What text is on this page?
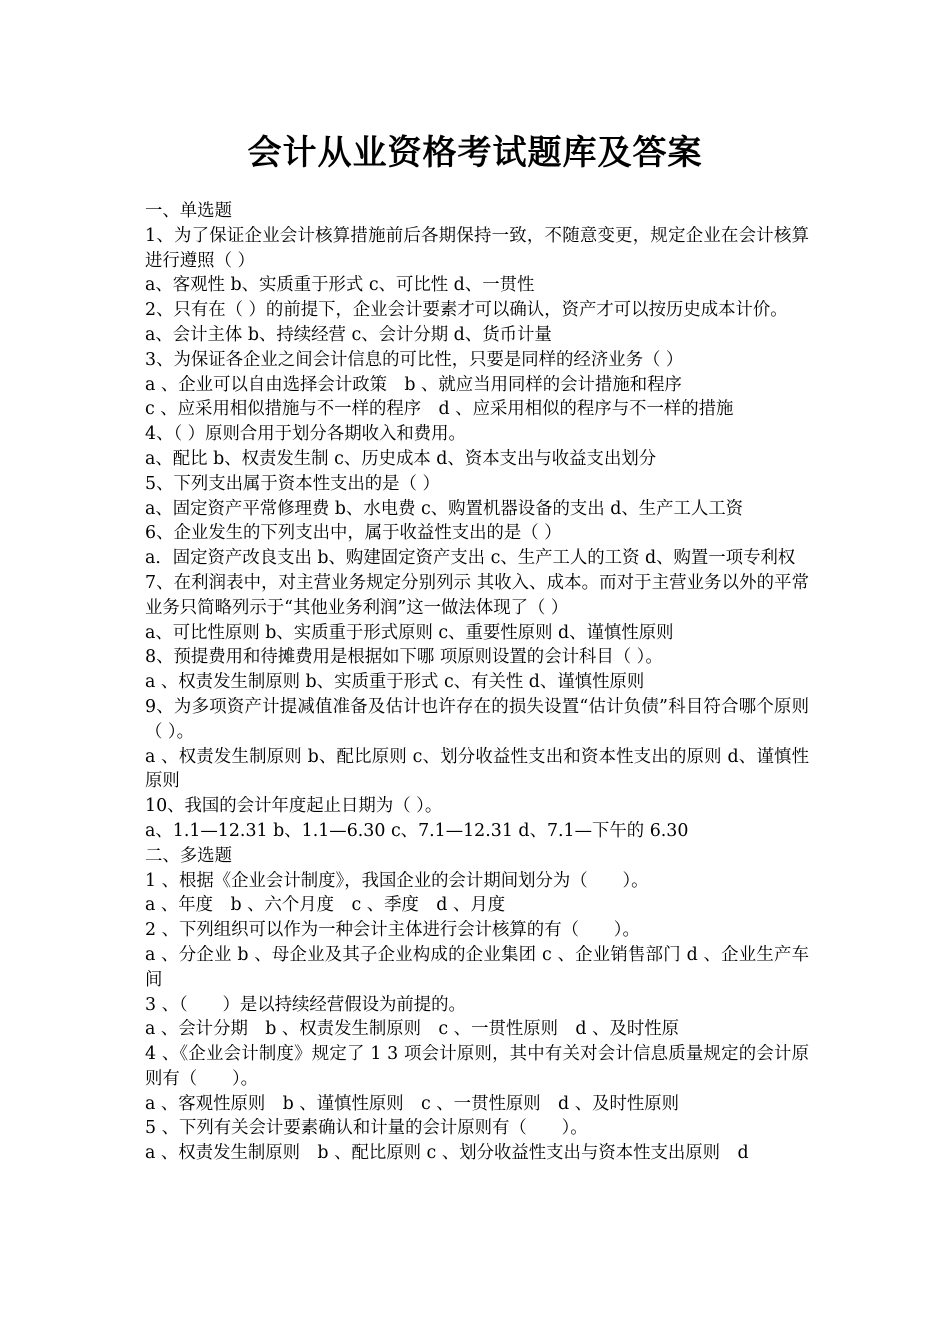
会计从业资格考试题库及答案
一、单选题
1、为了保证企业会计核算措施前后各期保持一致，不随意变更，规定企业在会计核算进行遵照（ ）
a、客观性 b、实质重于形式 c、可比性 d、一贯性
2、只有在（ ）的前提下，企业会计要素才可以确认，资产才可以按历史成本计价。
a、会计主体 b、持续经营 c、会计分期 d、货币计量
3、为保证各企业之间会计信息的可比性，只要是同样的经济业务（ ）
a 、企业可以自由选择会计政策　b 、就应当用同样的会计措施和程序
c 、应采用相似措施与不一样的程序　d 、应采用相似的程序与不一样的措施
4、（ ）原则合用于划分各期收入和费用。
a、配比 b、权责发生制 c、历史成本 d、资本支出与收益支出划分
5、下列支出属于资本性支出的是（ ）
a、固定资产平常修理费 b、水电费 c、购置机器设备的支出 d、生产工人工资
6、企业发生的下列支出中，属于收益性支出的是（ ）
a．固定资产改良支出 b、购建固定资产支出 c、生产工人的工资 d、购置一项专利权
7、在利润表中，对主营业务规定分别列示 其收入、成本。而对于主营业务以外的平常业务只简略列示于“其他业务利润”这一做法体现了（ ）
a、可比性原则 b、实质重于形式原则 c、重要性原则 d、谨慎性原则
8、预提费用和待摊费用是根据如下哪 项原则设置的会计科目（ ）。
a 、权责发生制原则 b、实质重于形式 c、有关性 d、谨慎性原则
9、为多项资产计提减值准备及估计也许存在的损失设置“估计负债”科目符合哪个原则（ ）。
a 、权责发生制原则 b、配比原则 c、划分收益性支出和资本性支出的原则 d、谨慎性原则
10、我国的会计年度起止日期为（ ）。
a、1.1—12.31 b、1.1—6.30 c、7.1—12.31 d、7.1—下午的 6.30
二、多选题
1 、根据《企业会计制度》，我国企业的会计期间划分为（　　）。
a 、年度　b 、六个月度　c 、季度　d 、月度
2 、下列组织可以作为一种会计主体进行会计核算的有（　　）。
a 、分企业 b 、母企业及其子企业构成的企业集团 c 、企业销售部门 d 、企业生产车间
3 、（　　）是以持续经营假设为前提的。
a 、会计分期　b 、权责发生制原则　c 、一贯性原则　d 、及时性原
4 、《企业会计制度》规定了 1 3 项会计原则，其中有关对会计信息质量规定的会计原则有（　　）。
a 、客观性原则　b 、谨慎性原则　c 、一贯性原则　d 、及时性原则
5 、下列有关会计要素确认和计量的会计原则有（　　）。
a 、权责发生制原则　b 、配比原则 c 、划分收益性支出与资本性支出原则　d
